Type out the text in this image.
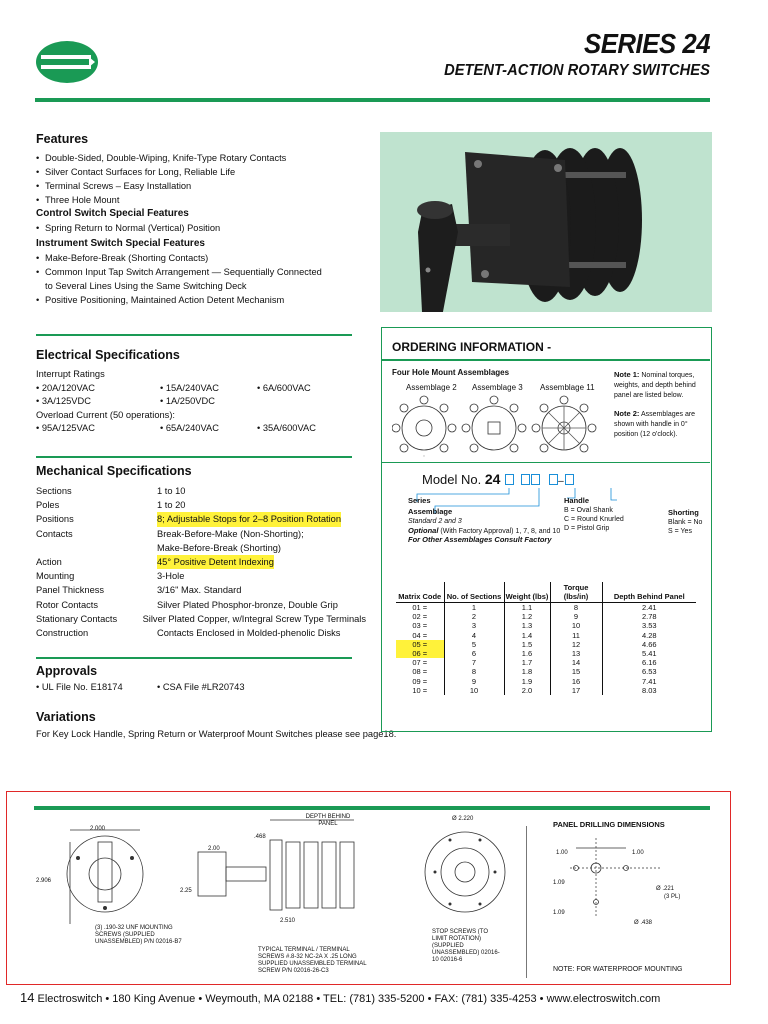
SERIES 24
DETENT-ACTION ROTARY SWITCHES
Features
• Double-Sided, Double-Wiping, Knife-Type Rotary Contacts
• Silver Contact Surfaces for Long, Reliable Life
• Terminal Screws – Easy Installation
• Three Hole Mount
Control Switch Special Features
• Spring Return to Normal (Vertical) Position
Instrument Switch Special Features
• Make-Before-Break (Shorting Contacts)
• Common Input Tap Switch Arrangement — Sequentially Connected
to Several Lines Using the Same Switching Deck
• Positive Positioning, Maintained Action Detent Mechanism
Electrical Specifications
Interrupt Ratings
• 20A/120VAC	• 15A/240VAC	• 6A/600VAC
• 3A/125VDC	• 1A/250VDC
Overload Current (50 operations):
• 95A/125VAC	• 65A/240VAC	• 35A/600VAC
Mechanical Specifications
Sections	1 to 10
Poles	1 to 20
Positions	8; Adjustable Stops for 2–8 Position Rotation
Contacts	Break-Before-Make (Non-Shorting);
Make-Before-Break (Shorting)
Action	45° Positive Detent Indexing
Mounting	3-Hole
Panel Thickness	3/16" Max. Standard
Rotor Contacts	Silver Plated Phosphor-bronze, Double Grip
Stationary Contacts	Silver Plated Copper, w/Integral Screw Type Terminals
Construction	Contacts Enclosed in Molded-phenolic Disks
Approvals
• UL File No. E18174	• CSA File #LR20743
Variations
For Key Lock Handle, Spring Return or Waterproof Mount Switches please see page18.
ORDERING INFORMATION -
Four Hole Mount Assemblages
Assemblage 2 Assemblage 3 Assemblage 11
Note 1: Nominal torques, weights, and depth behind panel are listed below.
Note 2: Assemblages are shown with handle in 0° position (12 o'clock).
Model No. 24	–
Series
Assemblage
Standard 2 and 3
Optional (With Factory Approval) 1, 7, 8, and 10
For Other Assemblages Consult Factory
Handle
B = Oval Shank
C = Round Knurled
D = Pistol Grip
Shorting
Blank = No
S = Yes
Matrix Code	No. of Sections	Weight (lbs)	Torque (lbs/in)	Depth Behind Panel
01 =	1	1.1	8	2.41
02 =	2	1.2	9	2.78
03 =	3	1.3	10	3.53
04 =	4	1.4	11	4.28
05 =	5	1.5	12	4.66
06 =	6	1.6	13	5.41
07 =	7	1.7	14	6.16
08 =	8	1.8	15	6.53
09 =	9	1.9	16	7.41
10 =	10	2.0	17	8.03
2.000
2.906
(3) .190-32 UNF MOUNTING SCREWS (SUPPLIED UNASSEMBLED) P/N 02016-B7
.468
DEPTH BEHIND PANEL
2.00
2.25
2.510
TYPICAL TERMINAL / TERMINAL SCREWS #.8-32 NC-2A X .25 LONG SUPPLIED UNASSEMBLED TERMINAL SCREW P/N 02016-26-C3
Ø 2.220
STOP SCREWS (TO LIMIT ROTATION) (SUPPLIED UNASSEMBLED) 02016-10 02016-6
PANEL DRILLING DIMENSIONS
1.00	1.00
1.09
1.09
Ø .221
(3 PL)
Ø .438
NOTE: FOR WATERPROOF MOUNTING
14 Electroswitch • 180 King Avenue • Weymouth, MA 02188 • TEL: (781) 335-5200 • FAX: (781) 335-4253 • www.electroswitch.com
